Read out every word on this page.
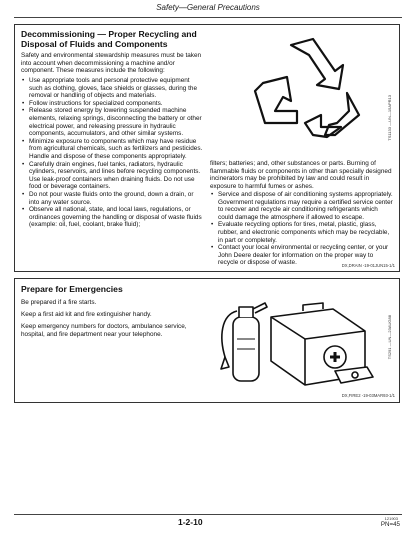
Safety—General Precautions
Decommissioning — Proper Recycling and
Disposal of Fluids and Components

Safety and environmental stewardship measures must be taken into account when decommissioning a machine and/or component. These measures include the following:

• Use appropriate tools and personal protective equipment such as clothing, gloves, face shields or glasses, during the removal or handling of objects and materials.
• Follow instructions for specialized components.
• Release stored energy by lowering suspended machine elements, relaxing springs, disconnecting the battery or other electrical power, and releasing pressure in hydraulic components, accumulators, and other similar systems.
• Minimize exposure to components which may have residue from agricultural chemicals, such as fertilizers and pesticides. Handle and dispose of these components appropriately.
• Carefully drain engines, fuel tanks, radiators, hydraulic cylinders, reservoirs, and lines before recycling components. Use leak-proof containers when draining fluids. Do not use food or beverage containers.
• Do not pour waste fluids onto the ground, down a drain, or into any water source.
• Observe all national, state, and local laws, regulations, or ordinances governing the handling or disposal of waste fluids (example: oil, fuel, coolant, brake fluid);
TS1133 —UN—15APR13

filters; batteries; and, other substances or parts. Burning of flammable fluids or components in other than specially designed incinerators may be prohibited by law and could result in exposure to harmful fumes or ashes.

• Service and dispose of air conditioning systems appropriately. Government regulations may require a certified service center to recover and recycle air conditioning refrigerants which could damage the atmosphere if allowed to escape.
• Evaluate recycling options for tires, metal, plastic, glass, rubber, and electronic components which may be recyclable, in part or completely.
• Contact your local environmental or recycling center, or your John Deere dealer for information on the proper way to recycle or dispose of waste.	DX,DRAIN -19-01JUN15-1/1
Prepare for Emergencies

Be prepared if a fire starts.

Keep a first aid kit and fire extinguisher handy.

Keep emergency numbers for doctors, ambulance service, hospital, and fire department near your telephone.	TS291 —UN—23AUG88
DX,FIRE2 -19-03MAR93-1/1
1-2-10	121903
PN=45
